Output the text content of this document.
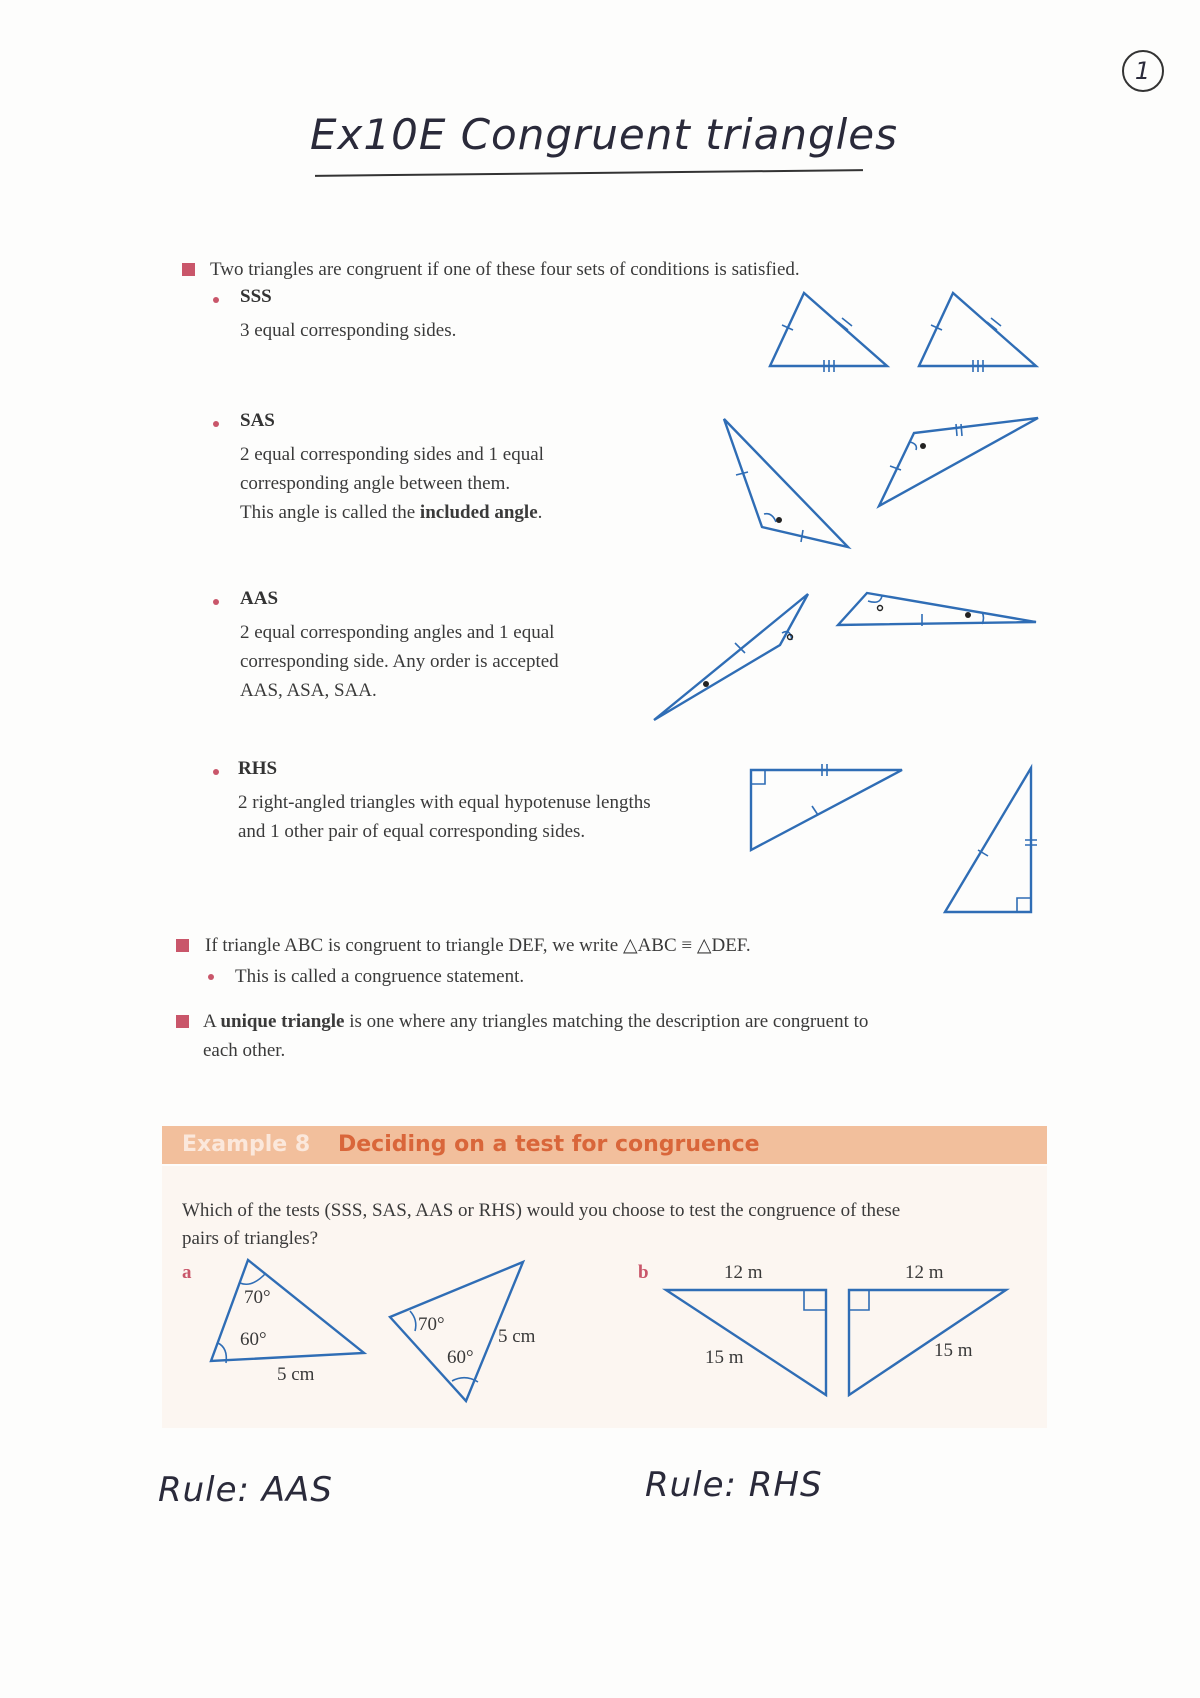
1
Ex10E Congruent triangles
Two triangles are congruent if one of these four sets of conditions is satisfied.
SSS
3 equal corresponding sides.
SAS
2 equal corresponding sides and 1 equal
corresponding angle between them.
This angle is called the included angle.
AAS
2 equal corresponding angles and 1 equal
corresponding side. Any order is accepted
AAS, ASA, SAA.
RHS
2 right-angled triangles with equal hypotenuse lengths
and 1 other pair of equal corresponding sides.
If triangle ABC is congruent to triangle DEF, we write △ABC ≡ △DEF.
This is called a congruence statement.
A unique triangle is one where any triangles matching the description are congruent to
each other.
Example 8 Deciding on a test for congruence
Which of the tests (SSS, SAS, AAS or RHS) would you choose to test the congruence of these
pairs of triangles?
a	b
70°
60°
5 cm
70°
60°
5 cm
12 m
15 m
12 m
15 m
Rule: AAS	Rule: RHS
